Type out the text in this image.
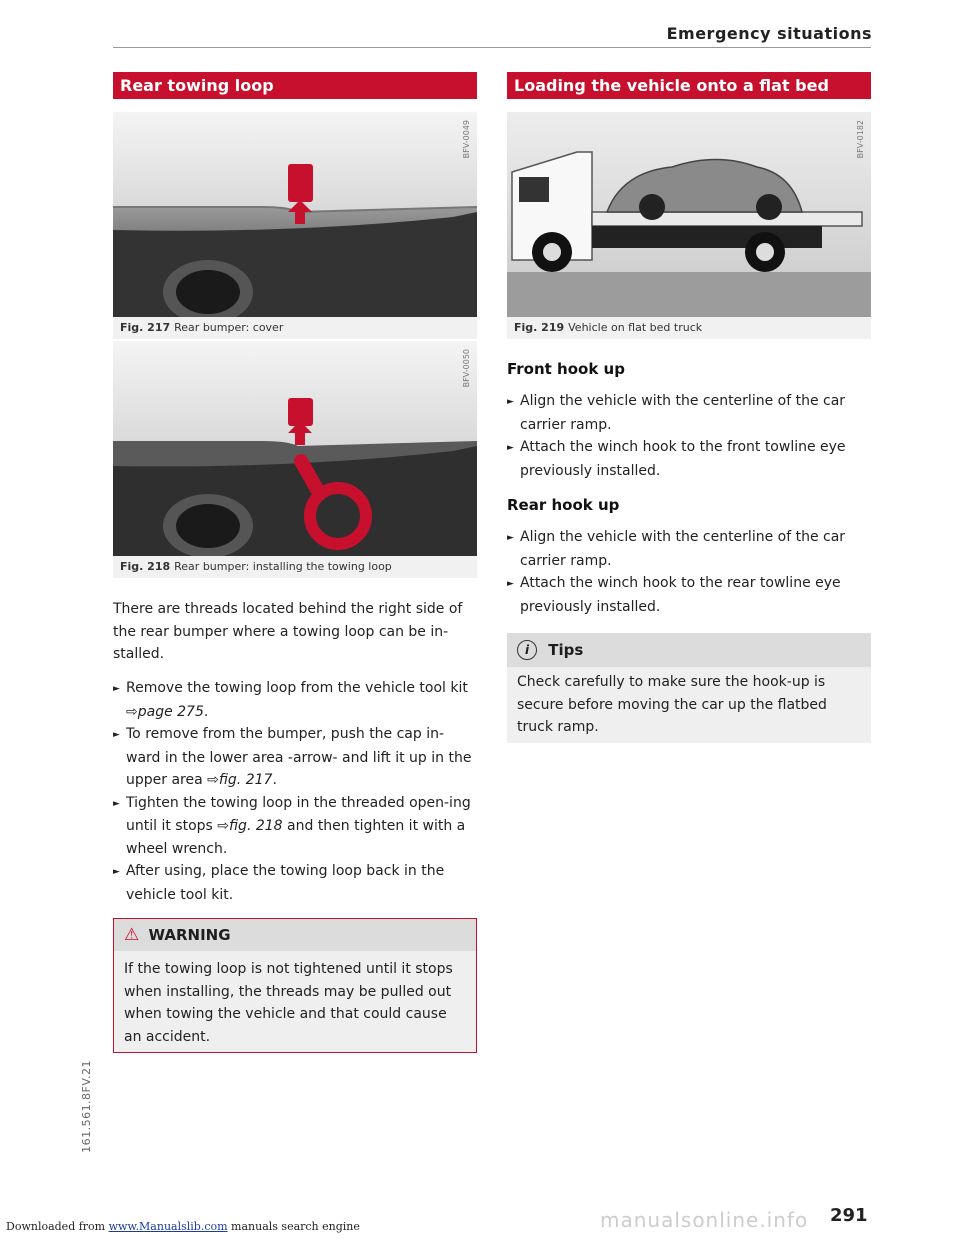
Emergency situations
Rear towing loop
BFV-0049
Fig. 217 Rear bumper: cover
BFV-0050
Fig. 218 Rear bumper: installing the towing loop
There are threads located behind the right side of the rear bumper where a towing loop can be in-stalled.
► Remove the towing loop from the vehicle tool kit ⇨page 275.
► To remove from the bumper, push the cap in-ward in the lower area -arrow- and lift it up in the upper area ⇨fig. 217.
► Tighten the towing loop in the threaded open-ing until it stops ⇨fig. 218 and then tighten it with a wheel wrench.
► After using, place the towing loop back in the vehicle tool kit.
⚠ WARNING
If the towing loop is not tightened until it stops when installing, the threads may be pulled out when towing the vehicle and that could cause an accident.
Loading the vehicle onto a flat bed
BFV-0182
Fig. 219 Vehicle on flat bed truck
Front hook up
► Align the vehicle with the centerline of the car carrier ramp.
► Attach the winch hook to the front towline eye previously installed.
Rear hook up
► Align the vehicle with the centerline of the car carrier ramp.
► Attach the winch hook to the rear towline eye previously installed.
i Tips
Check carefully to make sure the hook-up is secure before moving the car up the flatbed truck ramp.
161.561.8FV.21
manualsonline.info 291
Downloaded from www.Manualslib.com manuals search engine
